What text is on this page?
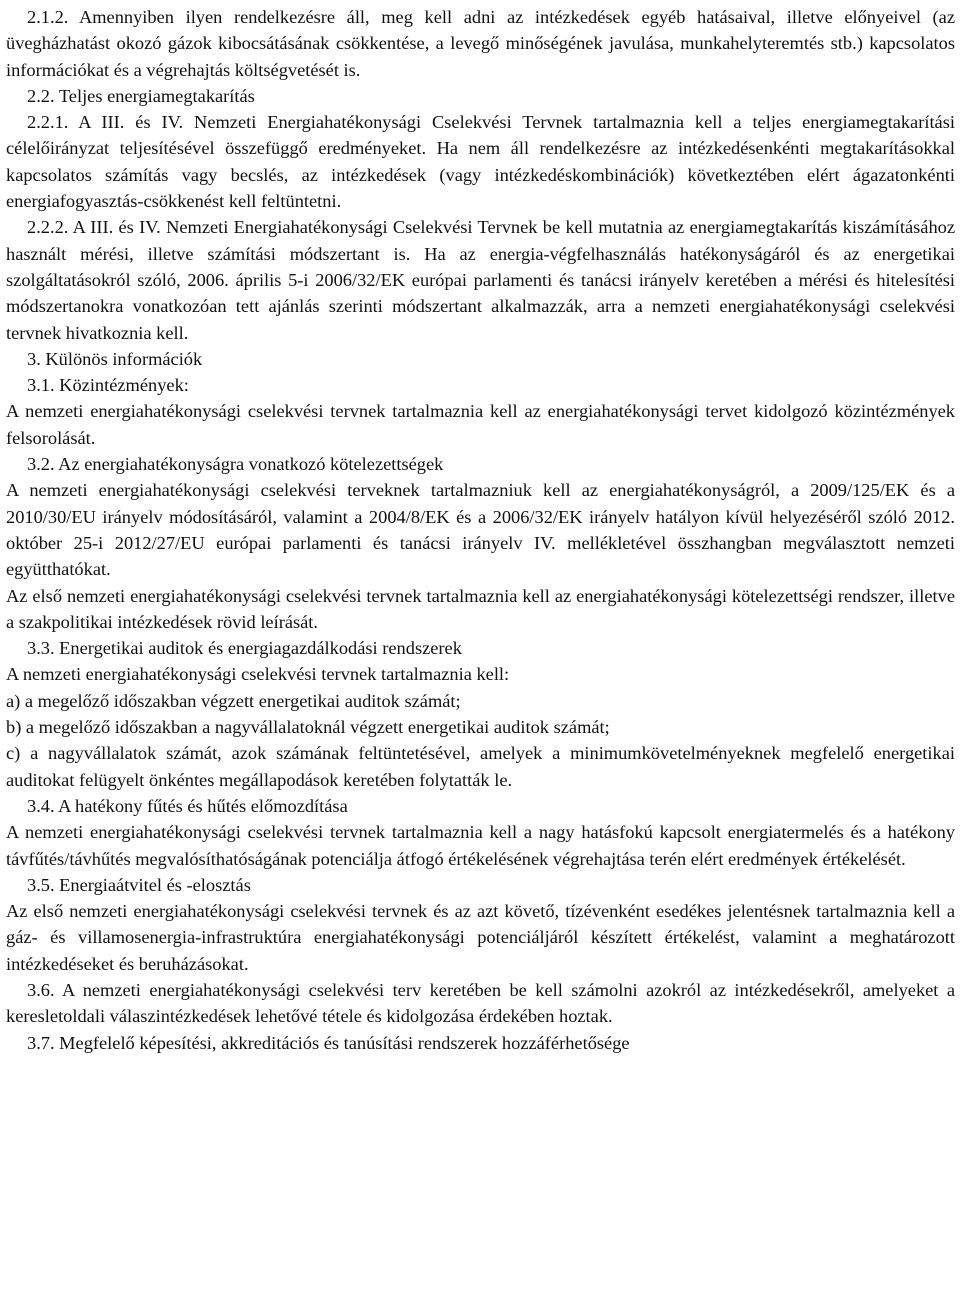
2.1.2. Amennyiben ilyen rendelkezésre áll, meg kell adni az intézkedések egyéb hatásaival, illetve előnyeivel (az üvegházhatást okozó gázok kibocsátásának csökkentése, a levegő minőségének javulása, munkahelyteremtés stb.) kapcsolatos információkat és a végrehajtás költségvetését is.

2.2. Teljes energiamegtakarítás

2.2.1. A III. és IV. Nemzeti Energiahatékonysági Cselekvési Tervnek tartalmaznia kell a teljes energiamegtakarítási célelőirányzat teljesítésével összefüggő eredményeket. Ha nem áll rendelkezésre az intézkedésenkénti megtakarításokkal kapcsolatos számítás vagy becslés, az intézkedések (vagy intézkedéskombinációk) következtében elért ágazatonkénti energiafogyasztás-csökkenést kell feltüntetni.

2.2.2. A III. és IV. Nemzeti Energiahatékonysági Cselekvési Tervnek be kell mutatnia az energiamegtakarítás kiszámításához használt mérési, illetve számítási módszertant is. Ha az energia-végfelhasználás hatékonyságáról és az energetikai szolgáltatásokról szóló, 2006. április 5-i 2006/32/EK európai parlamenti és tanácsi irányelv keretében a mérési és hitelesítési módszertanokra vonatkozóan tett ajánlás szerinti módszertant alkalmazzák, arra a nemzeti energiahatékonysági cselekvési tervnek hivatkoznia kell.

3. Különös információk

3.1. Közintézmények:

A nemzeti energiahatékonysági cselekvési tervnek tartalmaznia kell az energiahatékonysági tervet kidolgozó közintézmények felsorolását.

3.2. Az energiahatékonyságra vonatkozó kötelezettségek

A nemzeti energiahatékonysági cselekvési terveknek tartalmazniuk kell az energiahatékonyságról, a 2009/125/EK és a 2010/30/EU irányelv módosításáról, valamint a 2004/8/EK és a 2006/32/EK irányelv hatályon kívül helyezéséről szóló 2012. október 25-i 2012/27/EU európai parlamenti és tanácsi irányelv IV. mellékletével összhangban megválasztott nemzeti együtthatókat.

Az első nemzeti energiahatékonysági cselekvési tervnek tartalmaznia kell az energiahatékonysági kötelezettségi rendszer, illetve a szakpolitikai intézkedések rövid leírását.

3.3. Energetikai auditok és energiagazdálkodási rendszerek

A nemzeti energiahatékonysági cselekvési tervnek tartalmaznia kell:

a) a megelőző időszakban végzett energetikai auditok számát;

b) a megelőző időszakban a nagyvállalatoknál végzett energetikai auditok számát;

c) a nagyvállalatok számát, azok számának feltüntetésével, amelyek a minimumkövetelményeknek megfelelő energetikai auditokat felügyelt önkéntes megállapodások keretében folytatták le.

3.4. A hatékony fűtés és hűtés előmozdítása

A nemzeti energiahatékonysági cselekvési tervnek tartalmaznia kell a nagy hatásfokú kapcsolt energiatermelés és a hatékony távfűtés/távhűtés megvalósíthatóságának potenciálja átfogó értékelésének végrehajtása terén elért eredmények értékelését.

3.5. Energiaátvitel és -elosztás

Az első nemzeti energiahatékonysági cselekvési tervnek és az azt követő, tízévenként esedékes jelentésnek tartalmaznia kell a gáz- és villamosenergia-infrastruktúra energiahatékonysági potenciáljáról készített értékelést, valamint a meghatározott intézkedéseket és beruházásokat.

3.6. A nemzeti energiahatékonysági cselekvési terv keretében be kell számolni azokról az intézkedésekről, amelyeket a keresletoldali válaszintézkedések lehetővé tétele és kidolgozása érdekében hoztak.

3.7. Megfelelő képesítési, akkreditációs és tanúsítási rendszerek hozzáférhetősége
